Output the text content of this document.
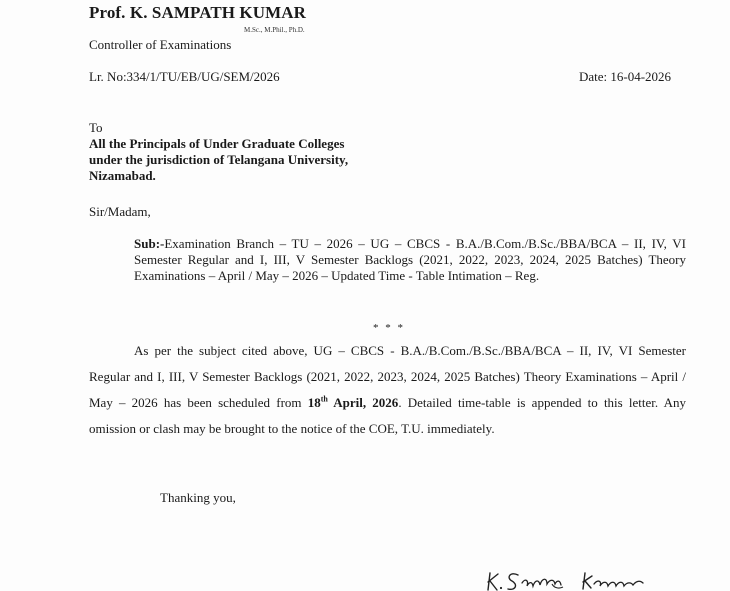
Prof. K. SAMPATH KUMAR
M.Sc., M.Phil., Ph.D.
Controller of Examinations
Lr. No:334/1/TU/EB/UG/SEM/2026	Date: 16-04-2026
To
All the Principals of Under Graduate Colleges
under the jurisdiction of Telangana University,
Nizamabad.
Sir/Madam,
Sub:-Examination Branch – TU – 2026 – UG – CBCS - B.A./B.Com./B.Sc./BBA/BCA – II, IV, VI Semester Regular and I, III, V Semester Backlogs (2021, 2022, 2023, 2024, 2025 Batches) Theory Examinations – April / May – 2026 – Updated Time - Table Intimation – Reg.
* * *
As per the subject cited above, UG – CBCS - B.A./B.Com./B.Sc./BBA/BCA – II, IV, VI Semester Regular and I, III, V Semester Backlogs (2021, 2022, 2023, 2024, 2025 Batches) Theory Examinations – April / May – 2026 has been scheduled from 18th April, 2026. Detailed time-table is appended to this letter. Any omission or clash may be brought to the notice of the COE, T.U. immediately.
Thanking you,
